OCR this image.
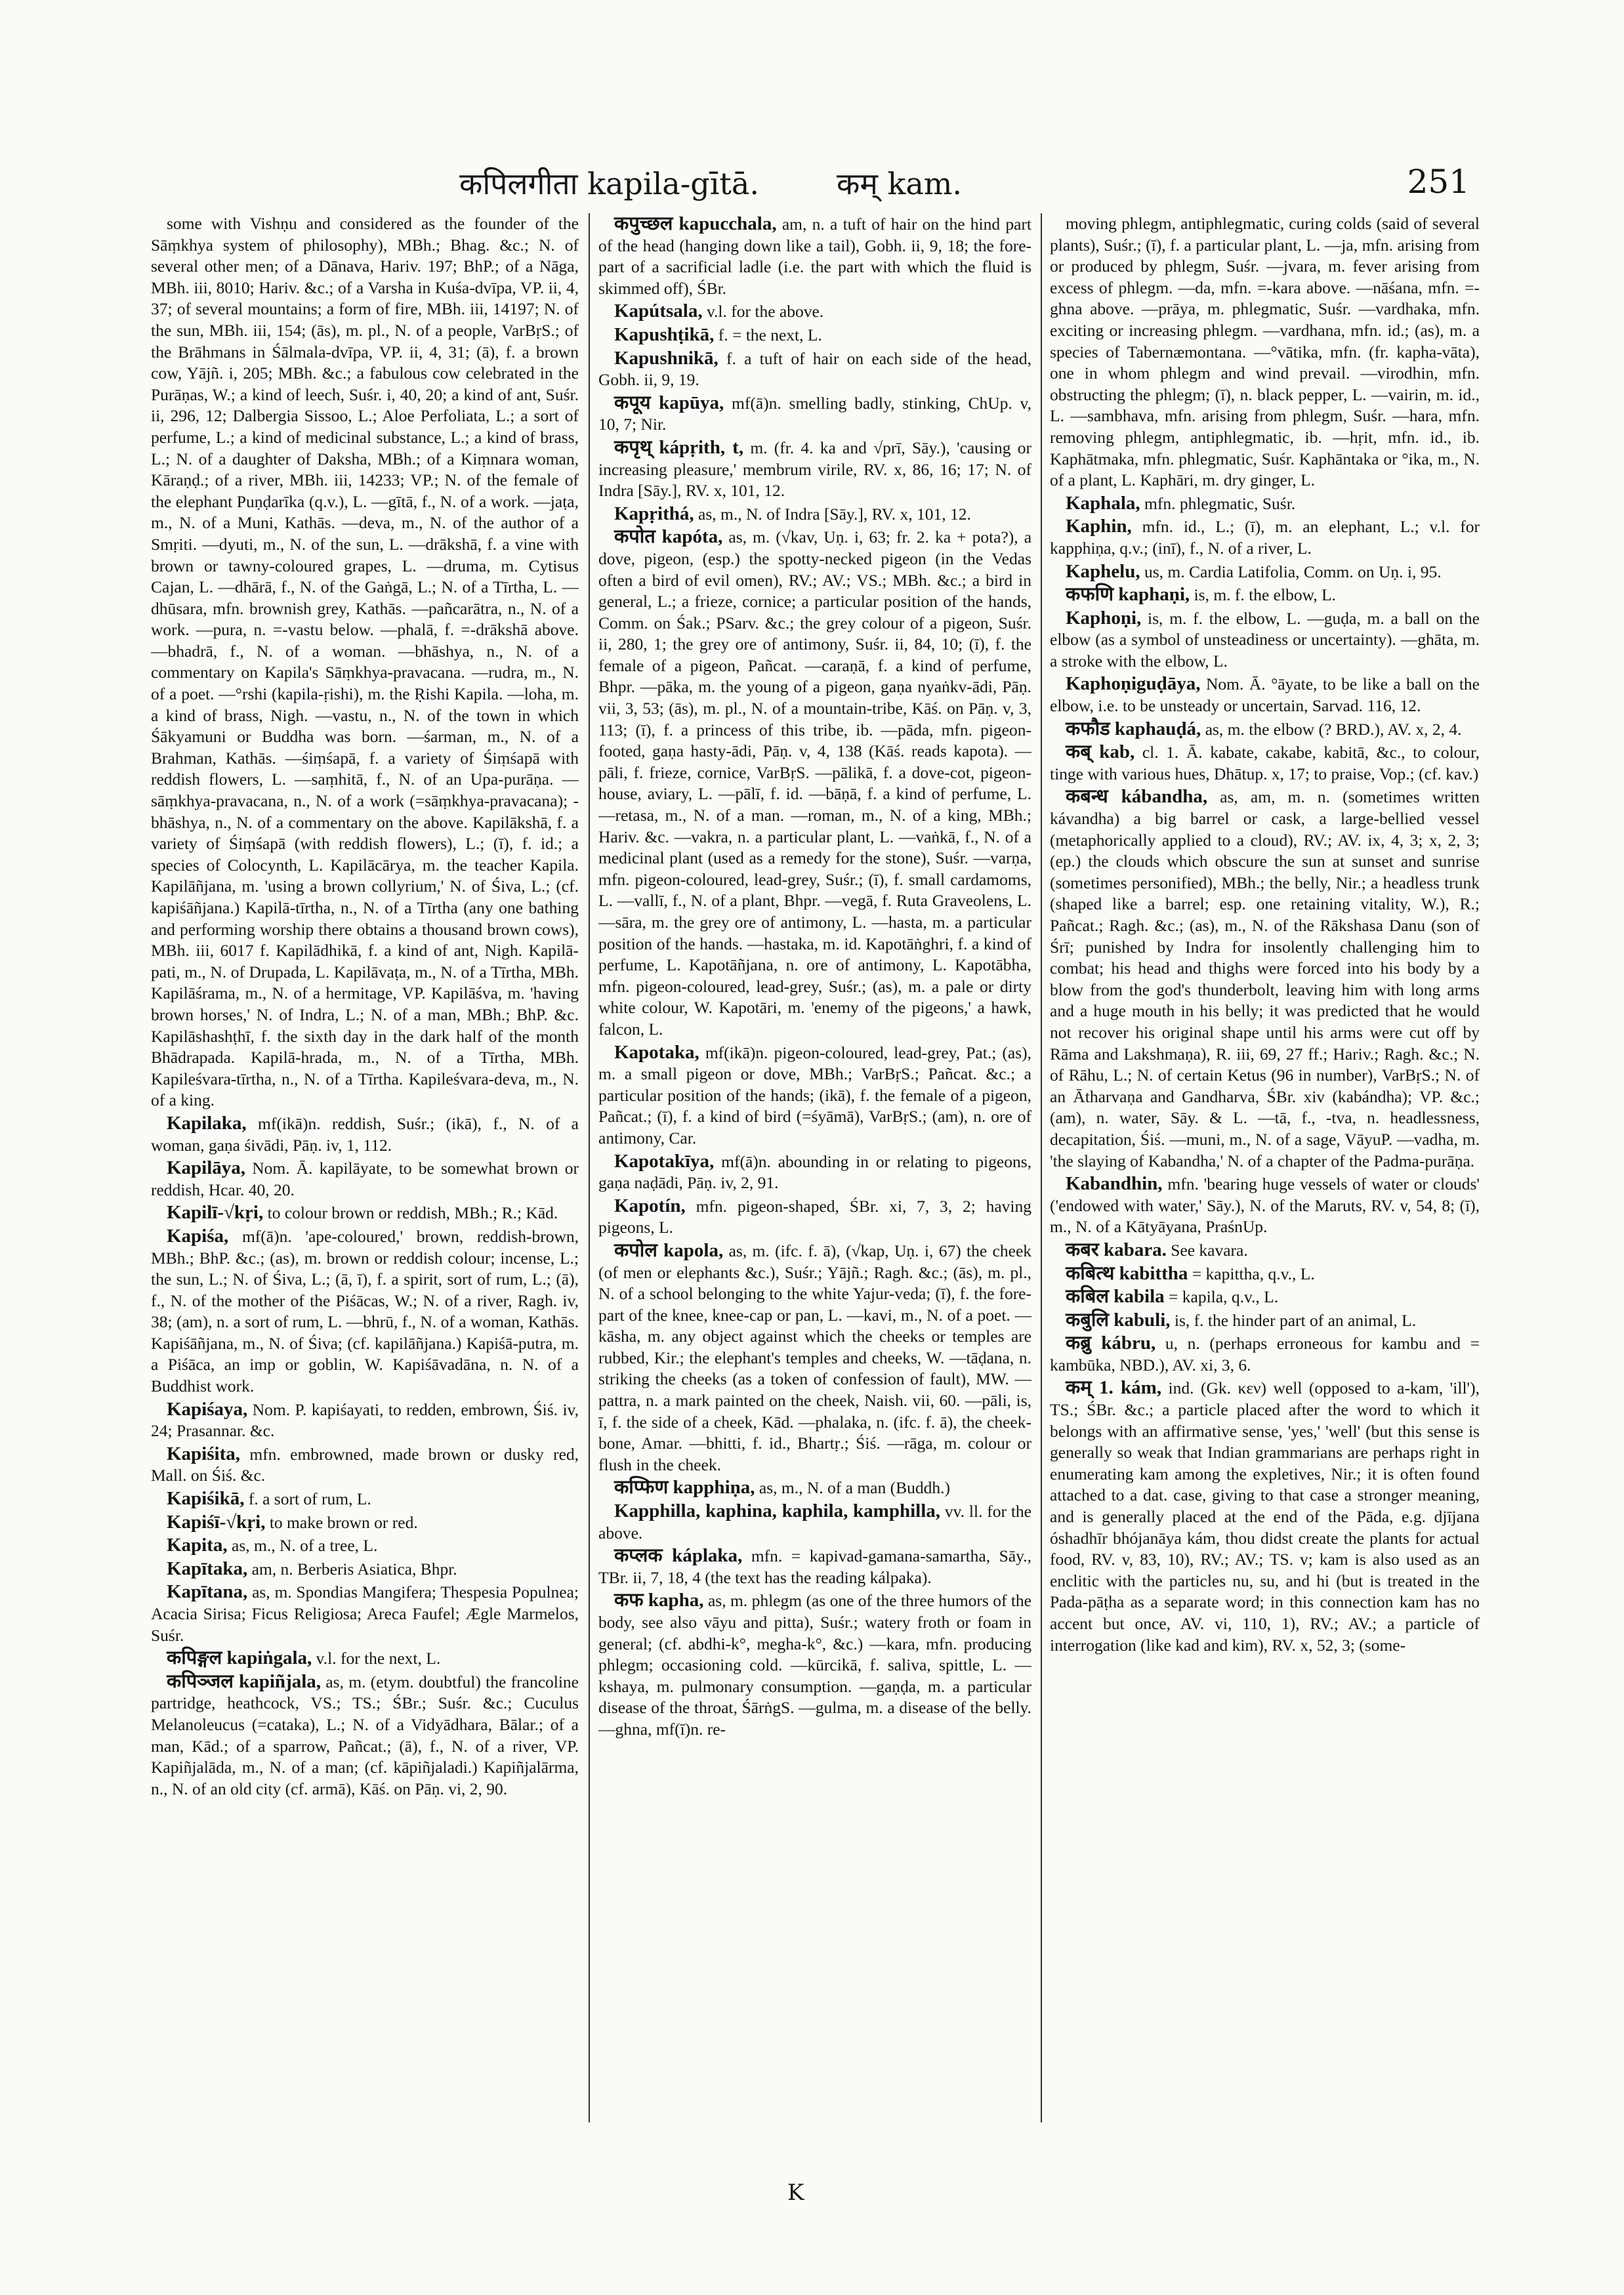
कपिलगीता kapila-gītā.	कम् kam.	251

some with Vishṇu and considered as the founder of the Sāṃkhya system of philosophy), MBh.; Bhag. &c.; N. of several other men; of a Dānava, Hariv. 197; BhP.; of a Nāga, MBh. iii, 8010; Hariv. &c.; of a Varsha in Kuśa-dvīpa, VP. ii, 4, 37; of several mountains; a form of fire, MBh. iii, 14197; N. of the sun, MBh. iii, 154; (ās), m. pl., N. of a people, VarBṛS.; of the Brāhmans in Śālmala-dvīpa, VP. ii, 4, 31; (ā), f. a brown cow, Yājñ. i, 205; MBh. &c.; a fabulous cow celebrated in the Purāṇas, W.; a kind of leech, Suśr. i, 40, 20; a kind of ant, Suśr. ii, 296, 12; Dalbergia Sissoo, L.; Aloe Perfoliata, L.; a sort of perfume, L.; a kind of medicinal substance, L.; a kind of brass, L.; N. of a daughter of Daksha, MBh.; of a Kiṃnara woman, Kāraṇḍ.; of a river, MBh. iii, 14233; VP.; N. of the female of the elephant Puṇḍarīka (q.v.), L. —gītā, f., N. of a work. —jaṭa, m., N. of a Muni, Kathās. —deva, m., N. of the author of a Smṛiti. —dyuti, m., N. of the sun, L. —drākshā, f. a vine with brown or tawny-coloured grapes, L. —druma, m. Cytisus Cajan, L. —dhārā, f., N. of the Gaṅgā, L.; N. of a Tīrtha, L. —dhūsara, mfn. brownish grey, Kathās. —pañcarātra, n., N. of a work. —pura, n. =-vastu below. —phalā, f. =-drākshā above. —bhadrā, f., N. of a woman. —bhāshya, n., N. of a commentary on Kapila's Sāṃkhya-pravacana. —rudra, m., N. of a poet. —°rshi (kapila-ṛishi), m. the Ṛishi Kapila. —loha, m. a kind of brass, Nigh. —vastu, n., N. of the town in which Śākyamuni or Buddha was born. —śarman, m., N. of a Brahman, Kathās. —śiṃśapā, f. a variety of Śiṃśapā with reddish flowers, L. —saṃhitā, f., N. of an Upa-purāṇa. —sāṃkhya-pravacana, n., N. of a work (=sāṃkhya-pravacana); -bhāshya, n., N. of a commentary on the above. Kapilākshā, f. a variety of Śiṃśapā (with reddish flowers), L.; (ī), f. id.; a species of Colocynth, L. Kapilācārya, m. the teacher Kapila. Kapilāñjana, m. 'using a brown collyrium,' N. of Śiva, L.; (cf. kapiśāñjana.) Kapilā-tīrtha, n., N. of a Tīrtha (any one bathing and performing worship there obtains a thousand brown cows), MBh. iii, 6017 f. Kapilādhikā, f. a kind of ant, Nigh. Kapilā-pati, m., N. of Drupada, L. Kapilāvaṭa, m., N. of a Tīrtha, MBh. Kapilāśrama, m., N. of a hermitage, VP. Kapilāśva, m. 'having brown horses,' N. of Indra, L.; N. of a man, MBh.; BhP. &c. Kapilāshashṭhī, f. the sixth day in the dark half of the month Bhādrapada. Kapilā-hrada, m., N. of a Tīrtha, MBh. Kapileśvara-tīrtha, n., N. of a Tīrtha. Kapileśvara-deva, m., N. of a king.

Kapilaka, mf(ikā)n. reddish, Suśr.; (ikā), f., N. of a woman, gaṇa śivādi, Pāṇ. iv, 1, 112.

Kapilāya, Nom. Ā. kapilāyate, to be somewhat brown or reddish, Hcar. 40, 20.

Kapilī-√kṛi, to colour brown or reddish, MBh.; R.; Kād.

Kapiśa, mf(ā)n. 'ape-coloured,' brown, reddish-brown, MBh.; BhP. &c.; (as), m. brown or reddish colour; incense, L.; the sun, L.; N. of Śiva, L.; (ā, ī), f. a spirit, sort of rum, L.; (ā), f., N. of the mother of the Piśācas, W.; N. of a river, Ragh. iv, 38; (am), n. a sort of rum, L. —bhrū, f., N. of a woman, Kathās. Kapiśāñjana, m., N. of Śiva; (cf. kapilāñjana.) Kapiśā-putra, m. a Piśāca, an imp or goblin, W. Kapiśāvadāna, n. N. of a Buddhist work.

Kapiśaya, Nom. P. kapiśayati, to redden, embrown, Śiś. iv, 24; Prasannar. &c.

Kapiśita, mfn. embrowned, made brown or dusky red, Mall. on Śiś. &c.

Kapiśikā, f. a sort of rum, L.

Kapiśī-√kṛi, to make brown or red.

Kapita, as, m., N. of a tree, L.

Kapītaka, am, n. Berberis Asiatica, Bhpr.

Kapītana, as, m. Spondias Mangifera; Thespesia Populnea; Acacia Sirisa; Ficus Religiosa; Areca Faufel; Ægle Marmelos, Suśr.

कपिङ्गल kapiṅgala, v.l. for the next, L.

कपिञ्जल kapiñjala, as, m. (etym. doubtful) the francoline partridge, heathcock, VS.; TS.; ŚBr.; Suśr. &c.; Cuculus Melanoleucus (=cataka), L.; N. of a Vidyādhara, Bālar.; of a man, Kād.; of a sparrow, Pañcat.; (ā), f., N. of a river, VP. Kapiñjalāda, m., N. of a man; (cf. kāpiñjaladi.) Kapiñjalārma, n., N. of an old city (cf. armā), Kāś. on Pāṇ. vi, 2, 90.

कपुच्छल kapucchala, am, n. a tuft of hair on the hind part of the head (hanging down like a tail), Gobh. ii, 9, 18; the fore-part of a sacrificial ladle (i.e. the part with which the fluid is skimmed off), ŚBr.

Kapútsala, v.l. for the above.

Kapushṭikā, f. = the next, L.

Kapushnikā, f. a tuft of hair on each side of the head, Gobh. ii, 9, 19.

कपूय kapūya, mf(ā)n. smelling badly, stinking, ChUp. v, 10, 7; Nir.

कपृथ् kápṛith, t, m. (fr. 4. ka and √prī, Sāy.), 'causing or increasing pleasure,' membrum virile, RV. x, 86, 16; 17; N. of Indra [Sāy.], RV. x, 101, 12.

Kapṛithá, as, m., N. of Indra [Sāy.], RV. x, 101, 12.

कपोत kapóta, as, m. (√kav, Uṇ. i, 63; fr. 2. ka + pota?), a dove, pigeon, (esp.) the spotty-necked pigeon (in the Vedas often a bird of evil omen), RV.; AV.; VS.; MBh. &c.; a bird in general, L.; a frieze, cornice; a particular position of the hands, Comm. on Śak.; PSarv. &c.; the grey colour of a pigeon, Suśr. ii, 280, 1; the grey ore of antimony, Suśr. ii, 84, 10; (ī), f. the female of a pigeon, Pañcat. —caraṇā, f. a kind of perfume, Bhpr. —pāka, m. the young of a pigeon, gaṇa nyaṅkv-ādi, Pāṇ. vii, 3, 53; (ās), m. pl., N. of a mountain-tribe, Kāś. on Pāṇ. v, 3, 113; (ī), f. a princess of this tribe, ib. —pāda, mfn. pigeon-footed, gaṇa hasty-ādi, Pāṇ. v, 4, 138 (Kāś. reads kapota). —pāli, f. frieze, cornice, VarBṛS. —pālikā, f. a dove-cot, pigeon-house, aviary, L. —pālī, f. id. —bāṇā, f. a kind of perfume, L. —retasa, m., N. of a man. —roman, m., N. of a king, MBh.; Hariv. &c. —vakra, n. a particular plant, L. —vaṅkā, f., N. of a medicinal plant (used as a remedy for the stone), Suśr. —varṇa, mfn. pigeon-coloured, lead-grey, Suśr.; (ī), f. small cardamoms, L. —vallī, f., N. of a plant, Bhpr. —vegā, f. Ruta Graveolens, L. —sāra, m. the grey ore of antimony, L. —hasta, m. a particular position of the hands. —hastaka, m. id. Kapotāṅghri, f. a kind of perfume, L. Kapotāñjana, n. ore of antimony, L. Kapotābha, mfn. pigeon-coloured, lead-grey, Suśr.; (as), m. a pale or dirty white colour, W. Kapotāri, m. 'enemy of the pigeons,' a hawk, falcon, L.

Kapotaka, mf(ikā)n. pigeon-coloured, lead-grey, Pat.; (as), m. a small pigeon or dove, MBh.; VarBṛS.; Pañcat. &c.; a particular position of the hands; (ikā), f. the female of a pigeon, Pañcat.; (ī), f. a kind of bird (=śyāmā), VarBṛS.; (am), n. ore of antimony, Car.

Kapotakīya, mf(ā)n. abounding in or relating to pigeons, gaṇa naḍādi, Pāṇ. iv, 2, 91.

Kapotín, mfn. pigeon-shaped, ŚBr. xi, 7, 3, 2; having pigeons, L.

कपोल kapola, as, m. (ifc. f. ā), (√kap, Uṇ. i, 67) the cheek (of men or elephants &c.), Suśr.; Yājñ.; Ragh. &c.; (ās), m. pl., N. of a school belonging to the white Yajur-veda; (ī), f. the fore-part of the knee, knee-cap or pan, L. —kavi, m., N. of a poet. —kāsha, m. any object against which the cheeks or temples are rubbed, Kir.; the elephant's temples and cheeks, W. —tāḍana, n. striking the cheeks (as a token of confession of fault), MW. —pattra, n. a mark painted on the cheek, Naish. vii, 60. —pāli, is, ī, f. the side of a cheek, Kād. —phalaka, n. (ifc. f. ā), the cheek-bone, Amar. —bhitti, f. id., Bhartṛ.; Śiś. —rāga, m. colour or flush in the cheek.

कप्फिण kapphiṇa, as, m., N. of a man (Buddh.)

Kapphilla, kaphina, kaphila, kamphilla, vv. ll. for the above.

कप्लक káplaka, mfn. = kapivad-gamana-samartha, Sāy., TBr. ii, 7, 18, 4 (the text has the reading kálpaka).

कफ kapha, as, m. phlegm (as one of the three humors of the body, see also vāyu and pitta), Suśr.; watery froth or foam in general; (cf. abdhi-k°, megha-k°, &c.) —kara, mfn. producing phlegm; occasioning cold. —kūrcikā, f. saliva, spittle, L. —kshaya, m. pulmonary consumption. —gaṇḍa, m. a particular disease of the throat, ŚārṅgS. —gulma, m. a disease of the belly. —ghna, mf(ī)n. re-

moving phlegm, antiphlegmatic, curing colds (said of several plants), Suśr.; (ī), f. a particular plant, L. —ja, mfn. arising from or produced by phlegm, Suśr. —jvara, m. fever arising from excess of phlegm. —da, mfn. =-kara above. —nāśana, mfn. =-ghna above. —prāya, m. phlegmatic, Suśr. —vardhaka, mfn. exciting or increasing phlegm. —vardhana, mfn. id.; (as), m. a species of Tabernæmontana. —°vātika, mfn. (fr. kapha-vāta), one in whom phlegm and wind prevail. —virodhin, mfn. obstructing the phlegm; (ī), n. black pepper, L. —vairin, m. id., L. —sambhava, mfn. arising from phlegm, Suśr. —hara, mfn. removing phlegm, antiphlegmatic, ib. —hṛit, mfn. id., ib. Kaphātmaka, mfn. phlegmatic, Suśr. Kaphāntaka or °ika, m., N. of a plant, L. Kaphāri, m. dry ginger, L.

Kaphala, mfn. phlegmatic, Suśr.

Kaphin, mfn. id., L.; (ī), m. an elephant, L.; v.l. for kapphiṇa, q.v.; (inī), f., N. of a river, L.

Kaphelu, us, m. Cardia Latifolia, Comm. on Uṇ. i, 95.

कफणि kaphaṇi, is, m. f. the elbow, L.

Kaphoṇi, is, m. f. the elbow, L. —guḍa, m. a ball on the elbow (as a symbol of unsteadiness or uncertainty). —ghāta, m. a stroke with the elbow, L.

Kaphoṇiguḍāya, Nom. Ā. °āyate, to be like a ball on the elbow, i.e. to be unsteady or uncertain, Sarvad. 116, 12.

कफौड kaphauḍá, as, m. the elbow (? BRD.), AV. x, 2, 4.

कब् kab, cl. 1. Ā. kabate, cakabe, kabitā, &c., to colour, tinge with various hues, Dhātup. x, 17; to praise, Vop.; (cf. kav.)

कबन्ध kábandha, as, am, m. n. (sometimes written kávandha) a big barrel or cask, a large-bellied vessel (metaphorically applied to a cloud), RV.; AV. ix, 4, 3; x, 2, 3; (ep.) the clouds which obscure the sun at sunset and sunrise (sometimes personified), MBh.; the belly, Nir.; a headless trunk (shaped like a barrel; esp. one retaining vitality, W.), R.; Pañcat.; Ragh. &c.; (as), m., N. of the Rākshasa Danu (son of Śrī; punished by Indra for insolently challenging him to combat; his head and thighs were forced into his body by a blow from the god's thunderbolt, leaving him with long arms and a huge mouth in his belly; it was predicted that he would not recover his original shape until his arms were cut off by Rāma and Lakshmaṇa), R. iii, 69, 27 ff.; Hariv.; Ragh. &c.; N. of Rāhu, L.; N. of certain Ketus (96 in number), VarBṛS.; N. of an Ātharvaṇa and Gandharva, ŚBr. xiv (kabándha); VP. &c.; (am), n. water, Sāy. & L. —tā, f., -tva, n. headlessness, decapitation, Śiś. —muni, m., N. of a sage, VāyuP. —vadha, m. 'the slaying of Kabandha,' N. of a chapter of the Padma-purāṇa.

Kabandhin, mfn. 'bearing huge vessels of water or clouds' ('endowed with water,' Sāy.), N. of the Maruts, RV. v, 54, 8; (ī), m., N. of a Kātyāyana, PraśnUp.

कबर kabara. See kavara.

कबित्थ kabittha = kapittha, q.v., L.

कबिल kabila = kapila, q.v., L.

कबुलि kabuli, is, f. the hinder part of an animal, L.

कब्रु kábru, u, n. (perhaps erroneous for kambu and = kambūka, NBD.), AV. xi, 3, 6.

कम् 1. kám, ind. (Gk. κεν) well (opposed to a-kam, 'ill'), TS.; ŚBr. &c.; a particle placed after the word to which it belongs with an affirmative sense, 'yes,' 'well' (but this sense is generally so weak that Indian grammarians are perhaps right in enumerating kam among the expletives, Nir.; it is often found attached to a dat. case, giving to that case a stronger meaning, and is generally placed at the end of the Pāda, e.g. djījana óshadhīr bhójanāya kám, thou didst create the plants for actual food, RV. v, 83, 10), RV.; AV.; TS. v; kam is also used as an enclitic with the particles nu, su, and hi (but is treated in the Pada-pāṭha as a separate word; in this connection kam has no accent but once, AV. vi, 110, 1), RV.; AV.; a particle of interrogation (like kad and kim), RV. x, 52, 3; (some-

K
